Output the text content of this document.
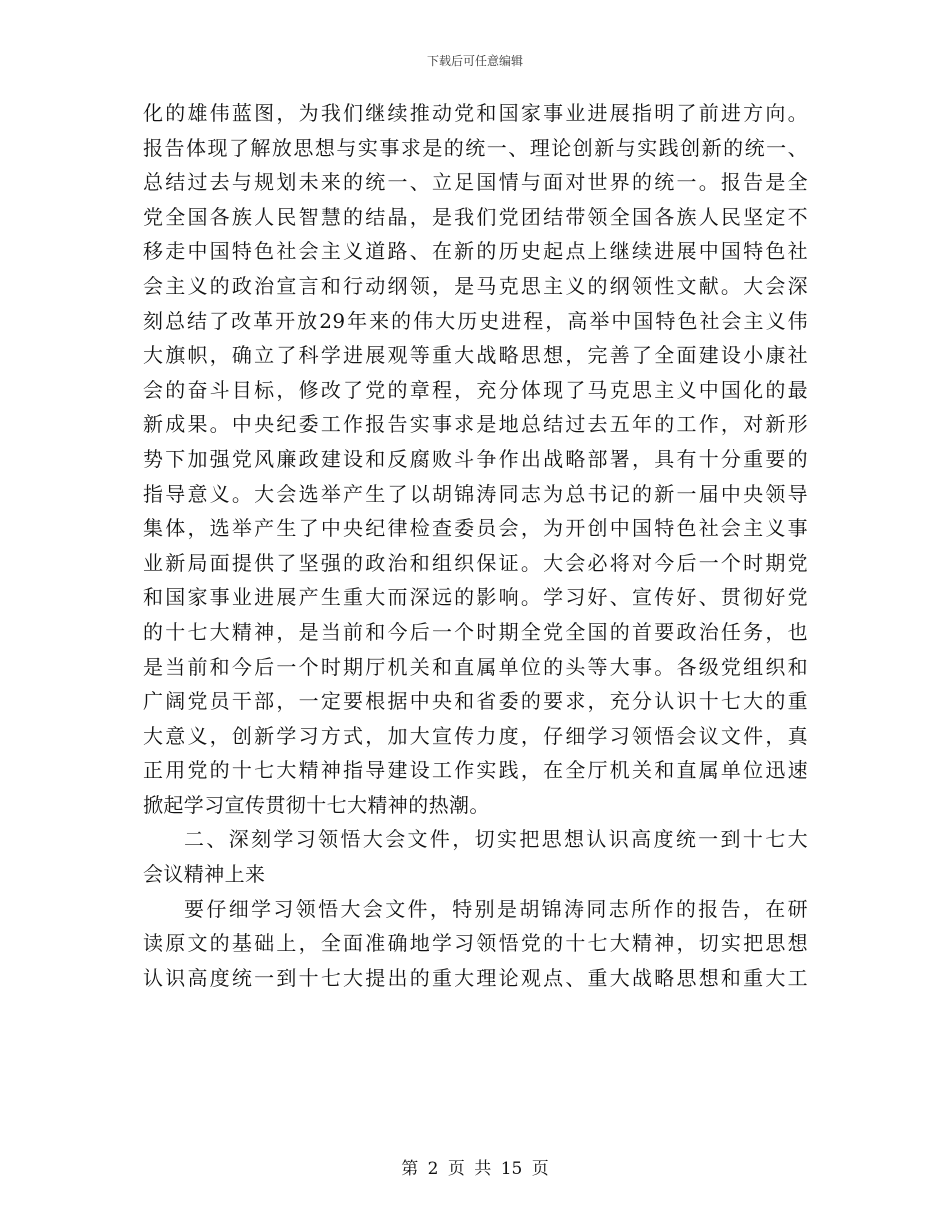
下载后可任意编辑
化的雄伟蓝图，为我们继续推动党和国家事业进展指明了前进方向。
报告体现了解放思想与实事求是的统一、理论创新与实践创新的统一、
总结过去与规划未来的统一、立足国情与面对世界的统一。报告是全
党全国各族人民智慧的结晶，是我们党团结带领全国各族人民坚定不
移走中国特色社会主义道路、在新的历史起点上继续进展中国特色社
会主义的政治宣言和行动纲领，是马克思主义的纲领性文献。大会深
刻总结了改革开放29年来的伟大历史进程，高举中国特色社会主义伟
大旗帜，确立了科学进展观等重大战略思想，完善了全面建设小康社
会的奋斗目标，修改了党的章程，充分体现了马克思主义中国化的最
新成果。中央纪委工作报告实事求是地总结过去五年的工作，对新形
势下加强党风廉政建设和反腐败斗争作出战略部署，具有十分重要的
指导意义。大会选举产生了以胡锦涛同志为总书记的新一届中央领导
集体，选举产生了中央纪律检查委员会，为开创中国特色社会主义事
业新局面提供了坚强的政治和组织保证。大会必将对今后一个时期党
和国家事业进展产生重大而深远的影响。学习好、宣传好、贯彻好党
的十七大精神，是当前和今后一个时期全党全国的首要政治任务，也
是当前和今后一个时期厅机关和直属单位的头等大事。各级党组织和
广阔党员干部，一定要根据中央和省委的要求，充分认识十七大的重
大意义，创新学习方式，加大宣传力度，仔细学习领悟会议文件，真
正用党的十七大精神指导建设工作实践，在全厅机关和直属单位迅速
掀起学习宣传贯彻十七大精神的热潮。
二、深刻学习领悟大会文件，切实把思想认识高度统一到十七大
会议精神上来
要仔细学习领悟大会文件，特别是胡锦涛同志所作的报告，在研
读原文的基础上，全面准确地学习领悟党的十七大精神，切实把思想
认识高度统一到十七大提出的重大理论观点、重大战略思想和重大工
第 2 页 共 15 页
